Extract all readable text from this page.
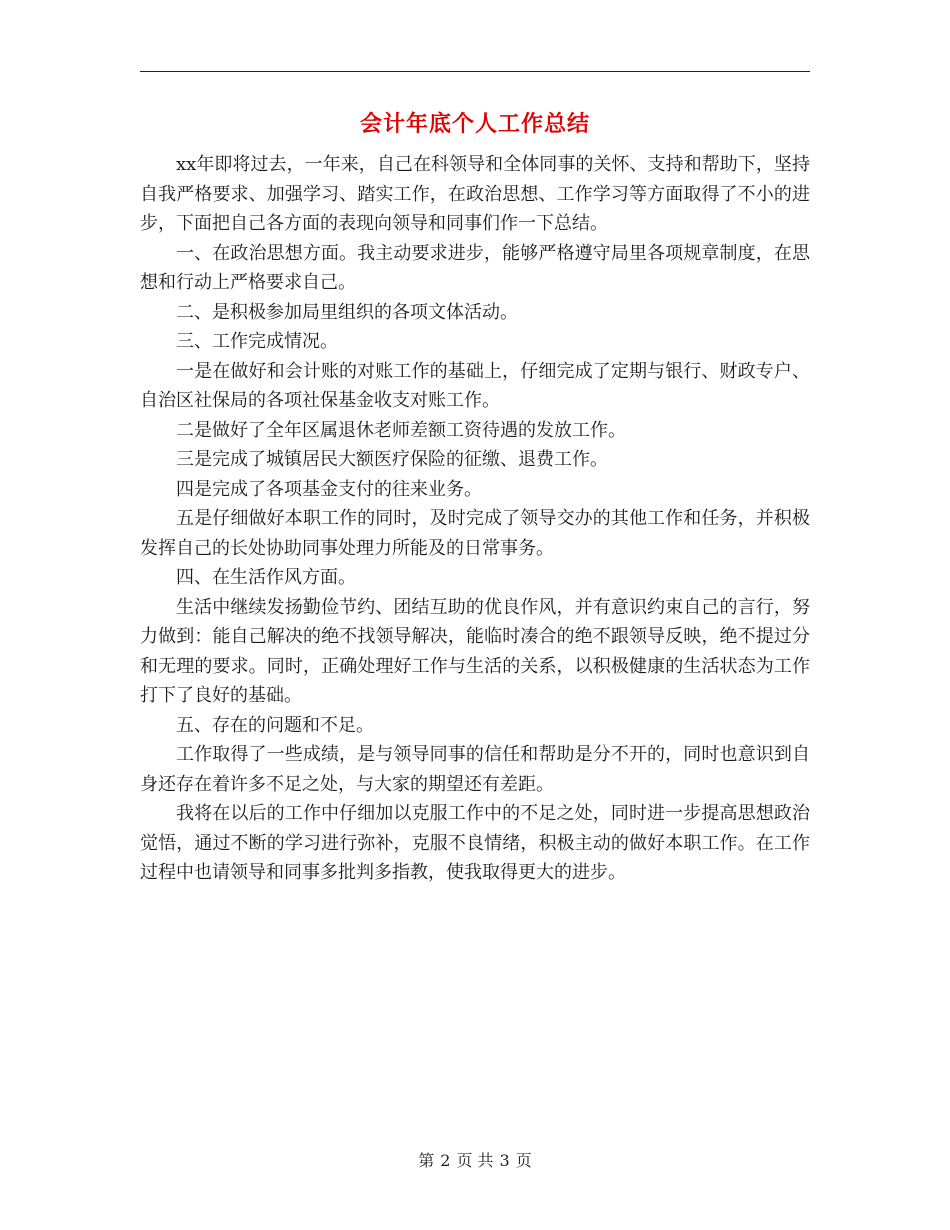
会计年底个人工作总结

xx年即将过去，一年来，自己在科领导和全体同事的关怀、支持和帮助下，坚持自我严格要求、加强学习、踏实工作，在政治思想、工作学习等方面取得了不小的进步，下面把自己各方面的表现向领导和同事们作一下总结。

一、在政治思想方面。我主动要求进步，能够严格遵守局里各项规章制度，在思想和行动上严格要求自己。

二、是积极参加局里组织的各项文体活动。

三、工作完成情况。

一是在做好和会计账的对账工作的基础上，仔细完成了定期与银行、财政专户、自治区社保局的各项社保基金收支对账工作。

二是做好了全年区属退休老师差额工资待遇的发放工作。

三是完成了城镇居民大额医疗保险的征缴、退费工作。

四是完成了各项基金支付的往来业务。

五是仔细做好本职工作的同时，及时完成了领导交办的其他工作和任务，并积极发挥自己的长处协助同事处理力所能及的日常事务。

四、在生活作风方面。

生活中继续发扬勤俭节约、团结互助的优良作风，并有意识约束自己的言行，努力做到：能自己解决的绝不找领导解决，能临时凑合的绝不跟领导反映，绝不提过分和无理的要求。同时，正确处理好工作与生活的关系，以积极健康的生活状态为工作打下了良好的基础。

五、存在的问题和不足。

工作取得了一些成绩，是与领导同事的信任和帮助是分不开的，同时也意识到自身还存在着许多不足之处，与大家的期望还有差距。

我将在以后的工作中仔细加以克服工作中的不足之处，同时进一步提高思想政治觉悟，通过不断的学习进行弥补，克服不良情绪，积极主动的做好本职工作。在工作过程中也请领导和同事多批判多指教，使我取得更大的进步。

第 2 页 共 3 页
